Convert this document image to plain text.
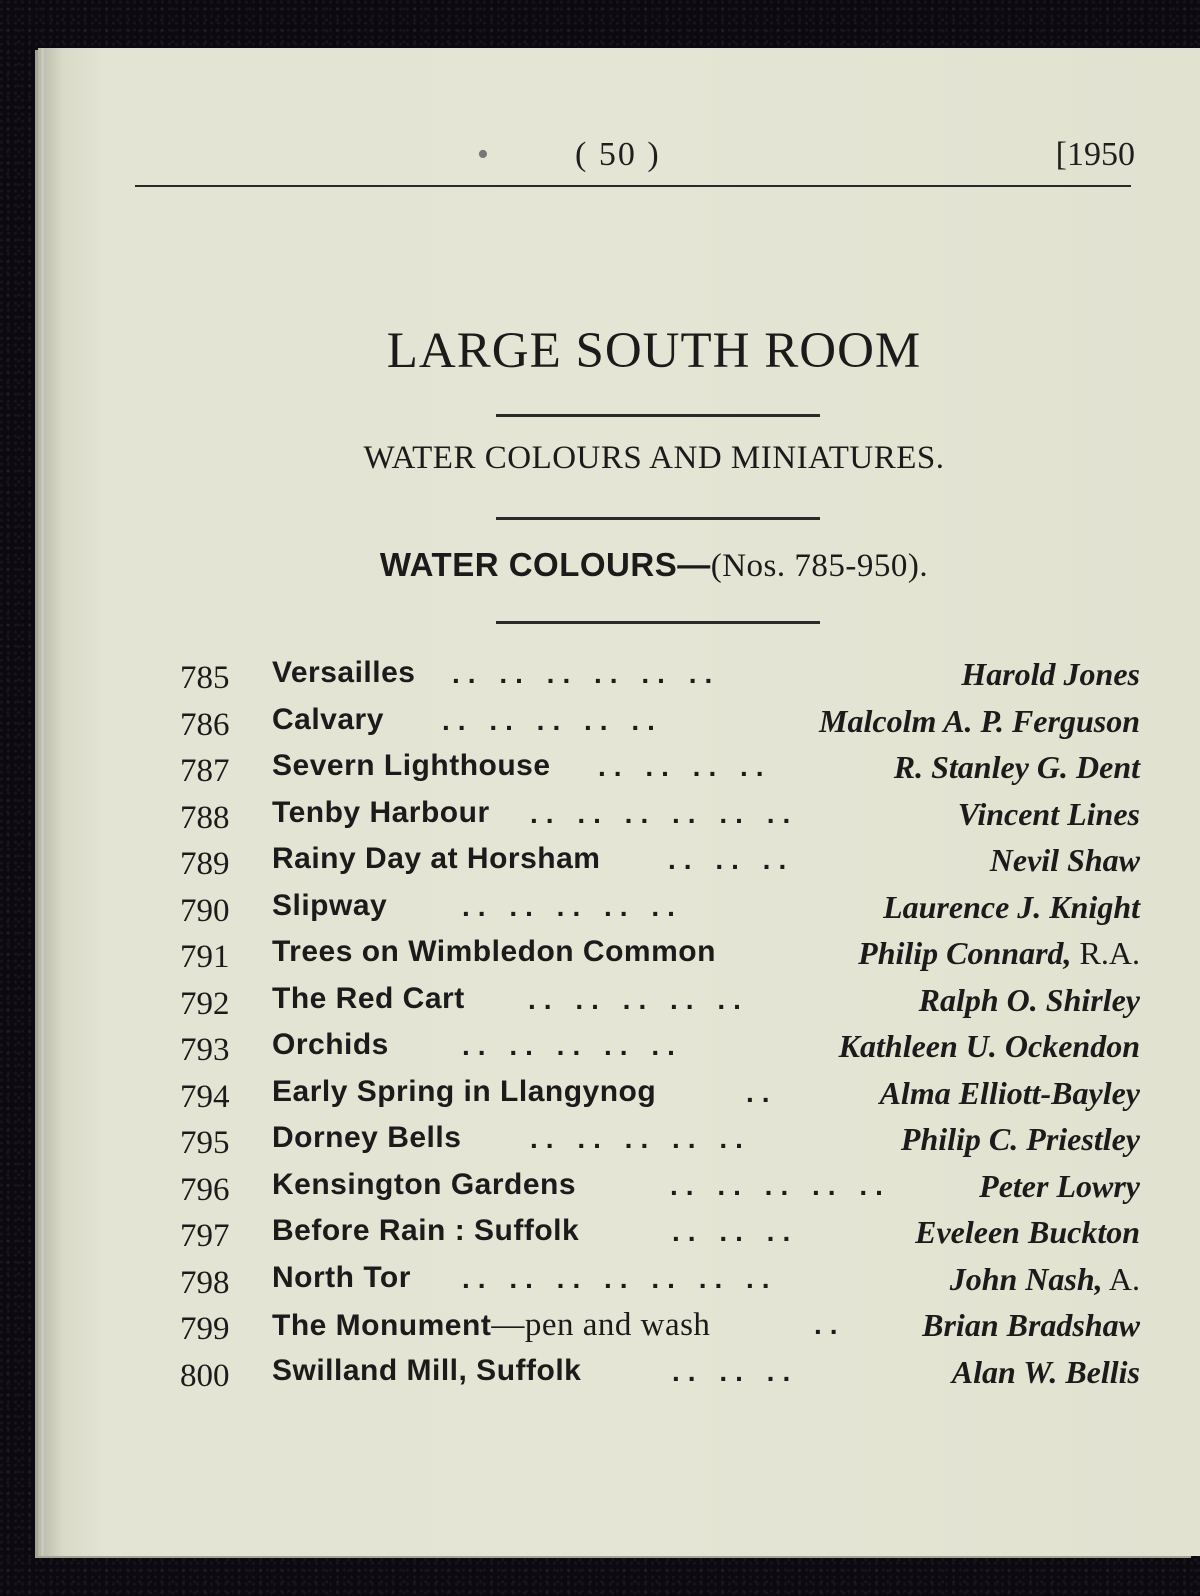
•	( 50 )	[1950
LARGE SOUTH ROOM
WATER COLOURS AND MINIATURES.
WATER COLOURS—(Nos. 785-950).
785 Versailles .. .. .. .. .. ..	Harold Jones
786 Calvary .. .. .. .. ..	Malcolm A. P. Ferguson
787 Severn Lighthouse .. .. .. ..	R. Stanley G. Dent
788 Tenby Harbour .. .. .. .. .. ..	Vincent Lines
789 Rainy Day at Horsham .. .. ..	Nevil Shaw
790 Slipway	.. .. .. .. ..	Laurence J. Knight
791 Trees on Wimbledon Common	Philip Connard, R.A.
792 The Red Cart .. .. .. .. ..	Ralph O. Shirley
793 Orchids	.. .. .. .. ..	Kathleen U. Ockendon
794 Early Spring in Llangynog	..	Alma Elliott-Bayley
795 Dorney Bells .. .. .. .. ..	Philip C. Priestley
796 Kensington Gardens	.. .. .. .. ..	Peter Lowry
797 Before Rain : Suffolk	.. .. ..	Eveleen Buckton
798 North Tor .. .. .. .. .. .. ..	John Nash, A.
799 The Monument—pen and wash	.. Brian Bradshaw
800 Swilland Mill, Suffolk	.. .. ..	Alan W. Bellis
